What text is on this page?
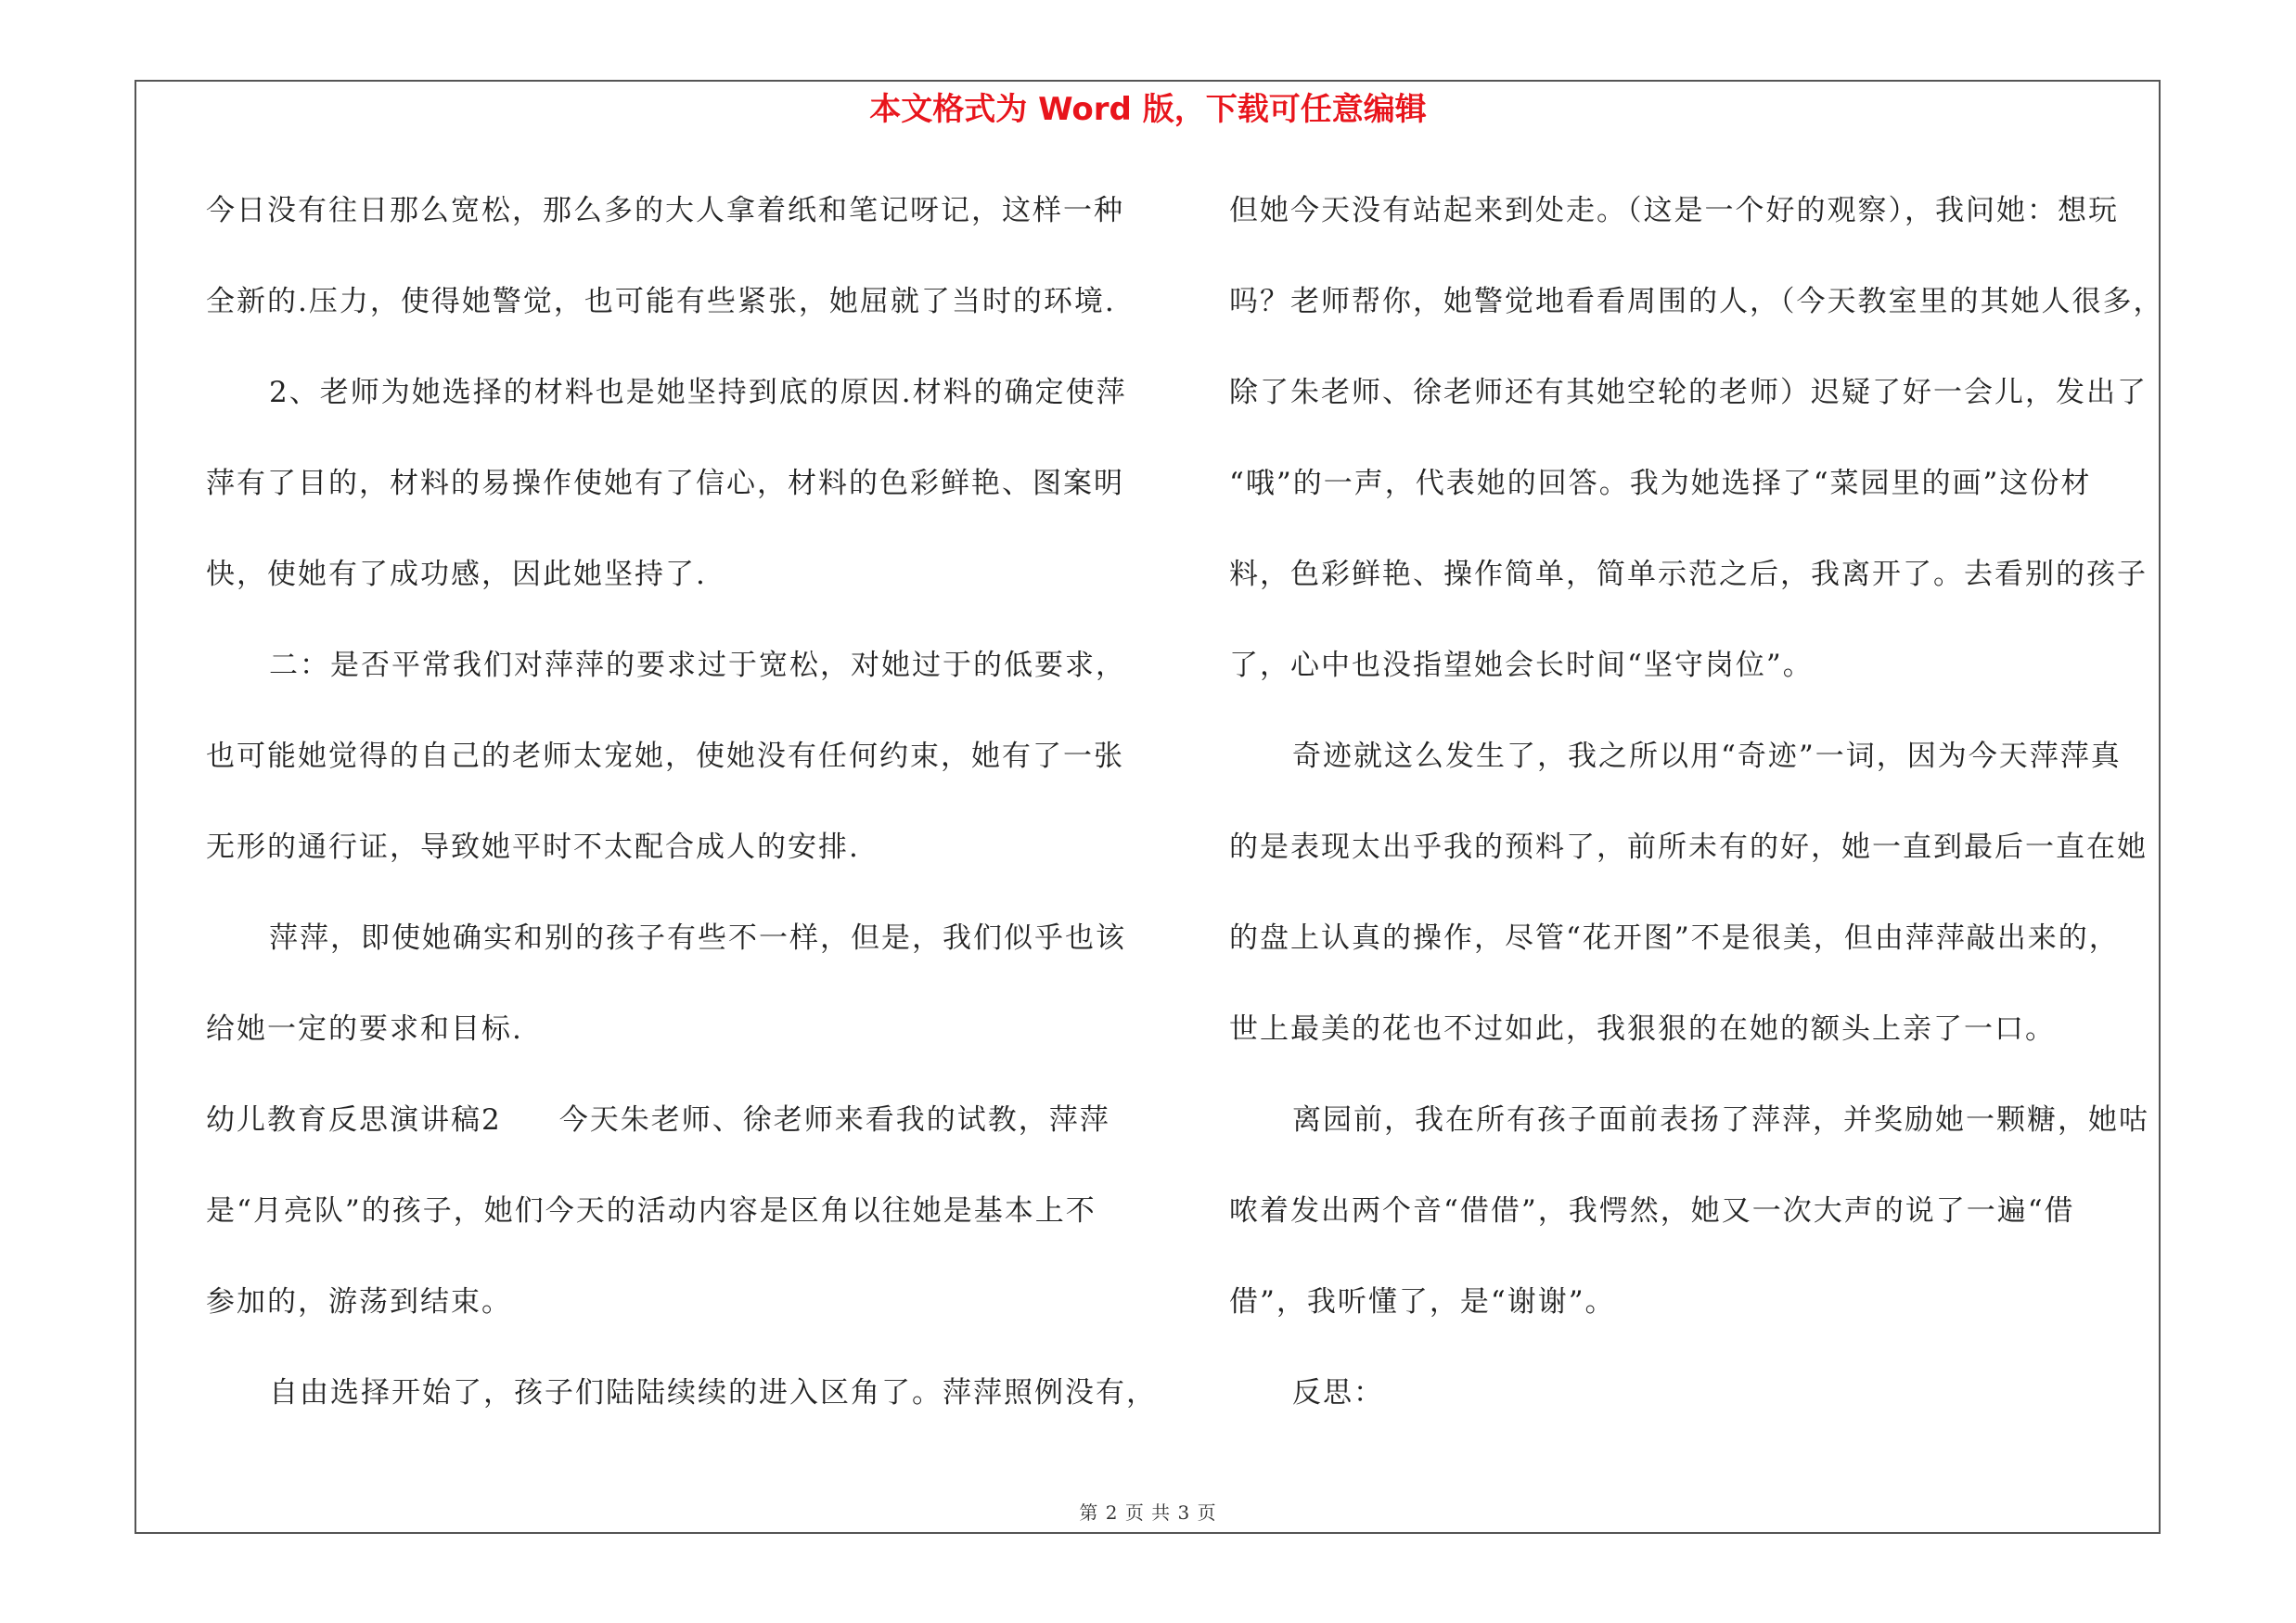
本文格式为 Word 版，下载可任意编辑
今日没有往日那么宽松，那么多的大人拿着纸和笔记呀记，这样一种
全新的.压力，使得她警觉，也可能有些紧张，她屈就了当时的环境.
2、老师为她选择的材料也是她坚持到底的原因.材料的确定使萍
萍有了目的，材料的易操作使她有了信心，材料的色彩鲜艳、图案明
快，使她有了成功感，因此她坚持了.
二：是否平常我们对萍萍的要求过于宽松，对她过于的低要求，
也可能她觉得的自己的老师太宠她，使她没有任何约束，她有了一张
无形的通行证，导致她平时不太配合成人的安排.
萍萍，即使她确实和别的孩子有些不一样，但是，我们似乎也该
给她一定的要求和目标.
幼儿教育反思演讲稿2 今天朱老师、徐老师来看我的试教，萍萍
是“月亮队”的孩子，她们今天的活动内容是区角以往她是基本上不
参加的，游荡到结束。
自由选择开始了，孩子们陆陆续续的进入区角了。萍萍照例没有，
但她今天没有站起来到处走。（这是一个好的观察），我问她：想玩
吗？老师帮你，她警觉地看看周围的人，（今天教室里的其她人很多，
除了朱老师、徐老师还有其她空轮的老师）迟疑了好一会儿，发出了
“哦”的一声，代表她的回答。我为她选择了“菜园里的画”这份材
料，色彩鲜艳、操作简单，简单示范之后，我离开了。去看别的孩子
了，心中也没指望她会长时间“坚守岗位”。
奇迹就这么发生了，我之所以用“奇迹”一词，因为今天萍萍真
的是表现太出乎我的预料了，前所未有的好，她一直到最后一直在她
的盘上认真的操作，尽管“花开图”不是很美，但由萍萍敲出来的，
世上最美的花也不过如此，我狠狠的在她的额头上亲了一口。
离园前，我在所有孩子面前表扬了萍萍，并奖励她一颗糖，她咕
哝着发出两个音“借借”，我愕然，她又一次大声的说了一遍“借
借”，我听懂了，是“谢谢”。
反思：
第 2 页 共 3 页
